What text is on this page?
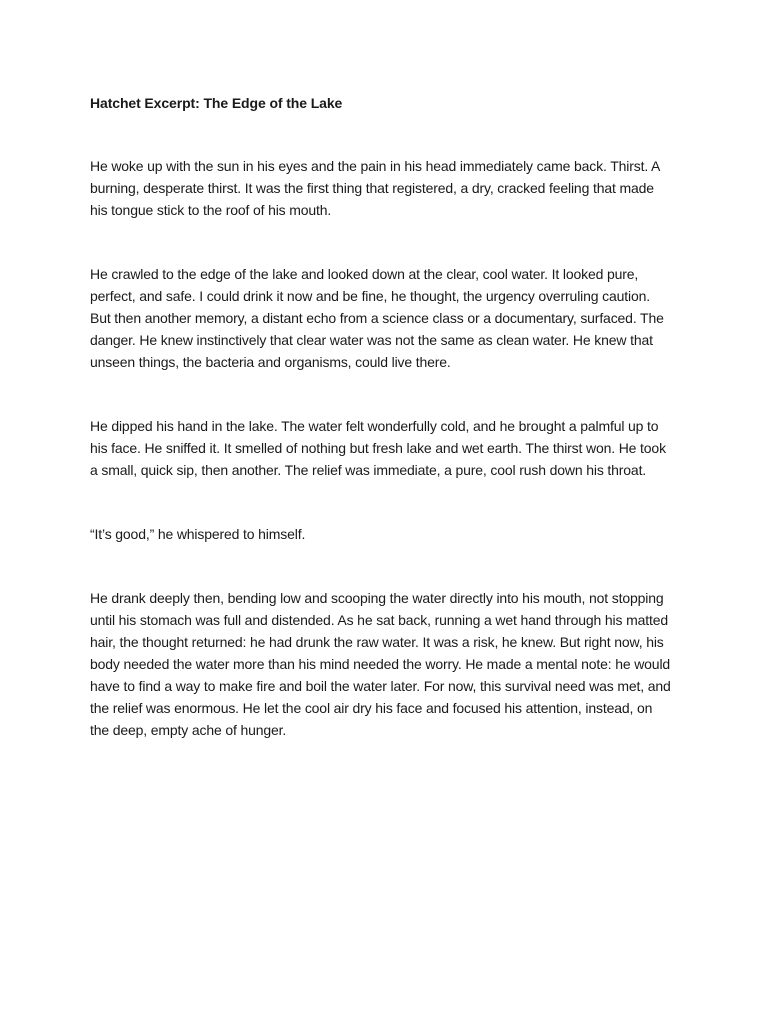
Hatchet Excerpt: The Edge of the Lake

He woke up with the sun in his eyes and the pain in his head immediately came back. Thirst. A burning, desperate thirst. It was the first thing that registered, a dry, cracked feeling that made his tongue stick to the roof of his mouth.

He crawled to the edge of the lake and looked down at the clear, cool water. It looked pure, perfect, and safe. I could drink it now and be fine, he thought, the urgency overruling caution. But then another memory, a distant echo from a science class or a documentary, surfaced. The danger. He knew instinctively that clear water was not the same as clean water. He knew that unseen things, the bacteria and organisms, could live there.

He dipped his hand in the lake. The water felt wonderfully cold, and he brought a palmful up to his face. He sniffed it. It smelled of nothing but fresh lake and wet earth. The thirst won. He took a small, quick sip, then another. The relief was immediate, a pure, cool rush down his throat.

“It’s good,” he whispered to himself.

He drank deeply then, bending low and scooping the water directly into his mouth, not stopping until his stomach was full and distended. As he sat back, running a wet hand through his matted hair, the thought returned: he had drunk the raw water. It was a risk, he knew. But right now, his body needed the water more than his mind needed the worry. He made a mental note: he would have to find a way to make fire and boil the water later. For now, this survival need was met, and the relief was enormous. He let the cool air dry his face and focused his attention, instead, on the deep, empty ache of hunger.
